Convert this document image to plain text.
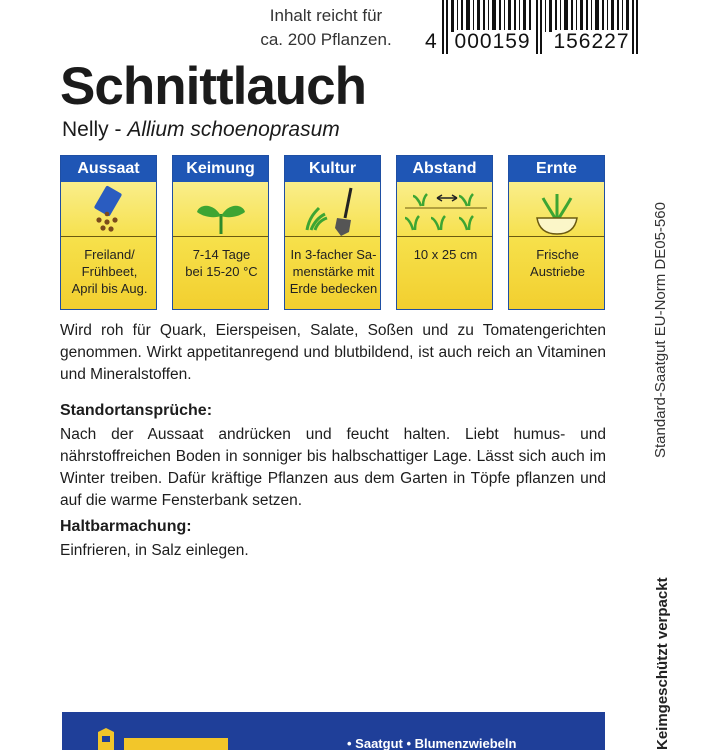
Inhalt reicht für
ca. 200 Pflanzen.	4 000159 156227
Schnittlauch
Nelly - Allium schoenoprasum
Aussaat
Freiland/
Frühbeet,
April bis Aug.
Keimung
7-14 Tage
bei 15-20 °C
Kultur
In 3-facher Sa-
menstärke mit
Erde bedecken
Abstand
10 x 25 cm
Ernte
Frische
Austriebe

Wird roh für Quark, Eierspeisen, Salate, Soßen und zu Tomatengerichten genommen. Wirkt appetitanregend und blutbildend, ist auch reich an Vitaminen und Mineralstoffen.

Standortansprüche:

Nach der Aussaat andrücken und feucht halten. Liebt humus- und nährstoffreichen Boden in sonniger bis halbschattiger Lage. Lässt sich auch im Winter treiben. Dafür kräftige Pflanzen aus dem Garten in Töpfe pflanzen und auf die warme Fensterbank setzen.

Haltbarmachung:

Einfrieren, in Salz einlegen.

Standard-Saatgut EU-Norm DE05-560
Keimgeschützt verpackt
• Saatgut • Blumenzwiebeln
